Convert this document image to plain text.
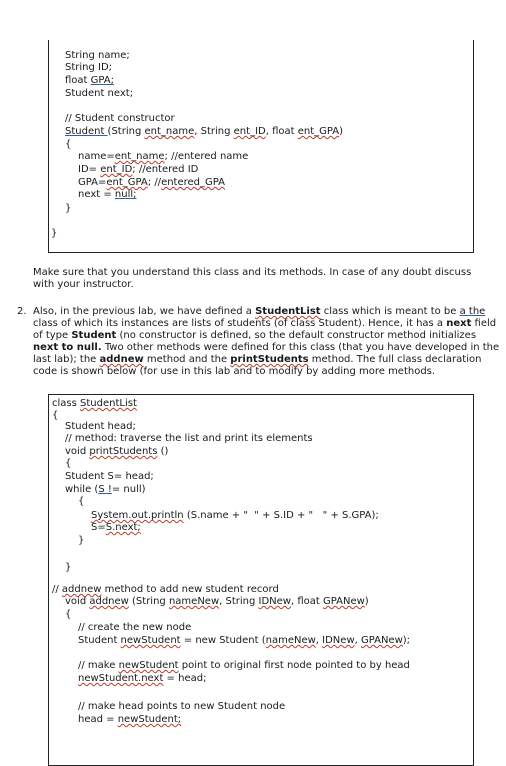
String name;
String ID;
float GPA;
Student next;
// Student constructor
Student (String ent_name, String ent_ID, float ent_GPA)
{
name=ent_name; //entered name
ID= ent_ID; //entered ID
GPA=ent_GPA; //entered_GPA
next = null;
}
}
Make sure that you understand this class and its methods. In case of any doubt discuss with your instructor.
2. Also, in the previous lab, we have defined a StudentList class which is meant to be a the
class of which its instances are lists of students (of class Student). Hence, it has a next field
of type Student (no constructor is defined, so the default constructor method initializes
next to null. Two other methods were defined for this class (that you have developed in the
last lab); the addnew method and the printStudents method. The full class declaration
code is shown below (for use in this lab and to modify by adding more methods.
class StudentList
{
Student head;
// method: traverse the list and print its elements
void printStudents ()
{
Student S= head;
while (S != null)
{
System.out.println (S.name + "  " + S.ID + "   " + S.GPA);
S=S.next;
}
}
// addnew method to add new student record
void addnew (String nameNew, String IDNew, float GPANew)
{
// create the new node
Student newStudent = new Student (nameNew, IDNew, GPANew);
// make newStudent point to original first node pointed to by head
newStudent.next = head;
// make head points to new Student node
head = newStudent;
